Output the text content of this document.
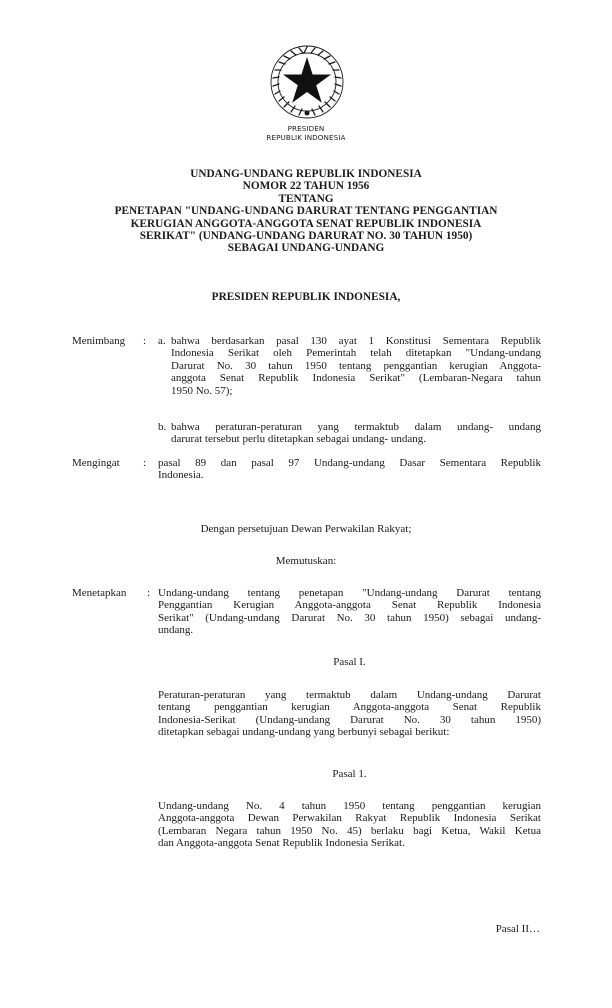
PRESIDEN
REPUBLIK INDONESIA
UNDANG-UNDANG REPUBLIK INDONESIA
NOMOR 22 TAHUN 1956
TENTANG
PENETAPAN "UNDANG-UNDANG DARURAT TENTANG PENGGANTIAN
KERUGIAN ANGGOTA-ANGGOTA SENAT REPUBLIK INDONESIA
SERIKAT" (UNDANG-UNDANG DARURAT NO. 30 TAHUN 1950)
SEBAGAI UNDANG-UNDANG
PRESIDEN REPUBLIK INDONESIA,
Menimbang : a. bahwa berdasarkan pasal 130 ayat 1 Konstitusi Sementara Republik
Indonesia Serikat oleh Pemerintah telah ditetapkan "Undang-undang
Darurat No. 30 tahun 1950 tentang penggantian kerugian Anggota-
anggota Senat Republik Indonesia Serikat" (Lembaran-Negara tahun
1950 No. 57);
b. bahwa peraturan-peraturan yang termaktub dalam undang- undang
darurat tersebut perlu ditetapkan sebagai undang- undang.
Mengingat : pasal 89 dan pasal 97 Undang-undang Dasar Sementara Republik
Indonesia.
Dengan persetujuan Dewan Perwakilan Rakyat;
Memutuskan:
Menetapkan : Undang-undang tentang penetapan "Undang-undang Darurat tentang
Penggantian Kerugian Anggota-anggota Senat Republik Indonesia
Serikat" (Undang-undang Darurat No. 30 tahun 1950) sebagai undang-
undang.
Pasal I.
Peraturan-peraturan yang termaktub dalam Undang-undang Darurat
tentang penggantian kerugian Anggota-anggota Senat Republik
Indonesia-Serikat (Undang-undang Darurat No. 30 tahun 1950)
ditetapkan sebagai undang-undang yang berbunyi sebagai berikut:
Pasal 1.
Undang-undang No. 4 tahun 1950 tentang penggantian kerugian
Anggota-anggota Dewan Perwakilan Rakyat Republik Indonesia Serikat
(Lembaran Negara tahun 1950 No. 45) berlaku bagi Ketua, Wakil Ketua
dan Anggota-anggota Senat Republik Indonesia Serikat.
Pasal II…
